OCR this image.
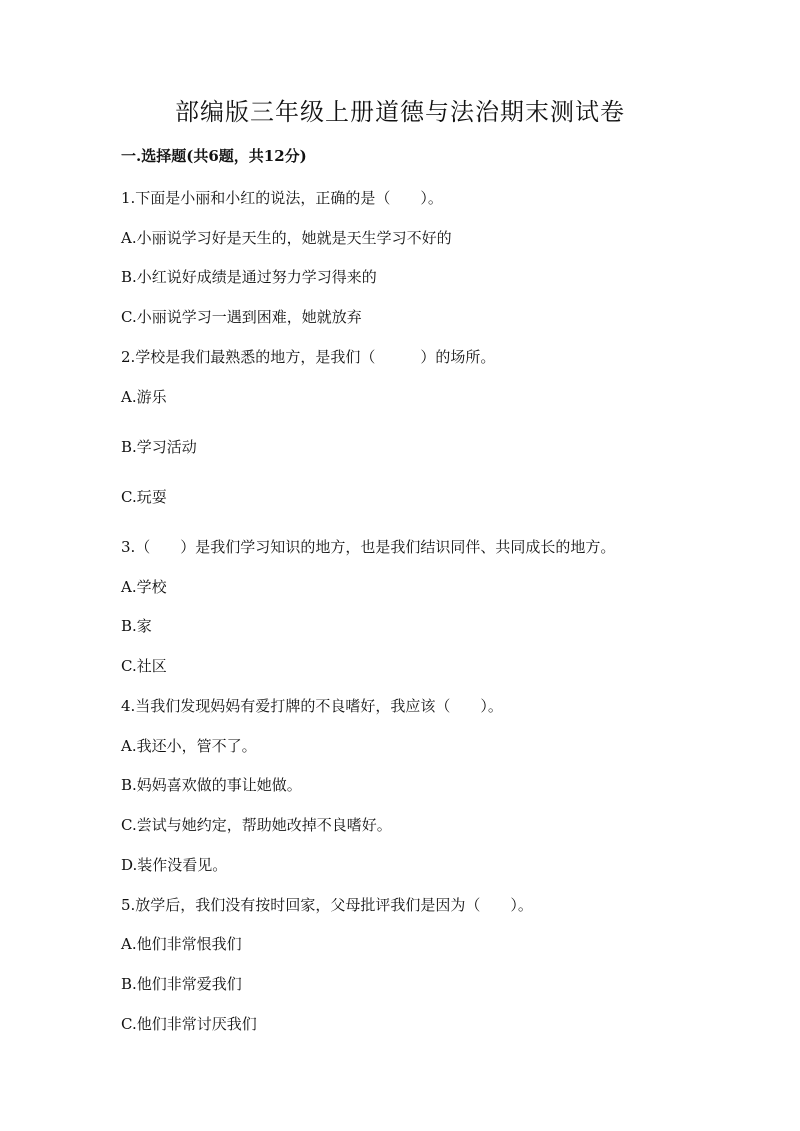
部编版三年级上册道德与法治期末测试卷

一.选择题(共6题，共12分)

1.下面是小丽和小红的说法，正确的是（　　）。

A.小丽说学习好是天生的，她就是天生学习不好的

B.小红说好成绩是通过努力学习得来的

C.小丽说学习一遇到困难，她就放弃

2.学校是我们最熟悉的地方，是我们（　　　）的场所。

A.游乐

B.学习活动

C.玩耍

3.（　　）是我们学习知识的地方，也是我们结识同伴、共同成长的地方。

A.学校

B.家

C.社区

4.当我们发现妈妈有爱打牌的不良嗜好，我应该（　　）。

A.我还小，管不了。

B.妈妈喜欢做的事让她做。

C.尝试与她约定，帮助她改掉不良嗜好。

D.装作没看见。

5.放学后，我们没有按时回家，父母批评我们是因为（　　）。

A.他们非常恨我们

B.他们非常爱我们

C.他们非常讨厌我们
